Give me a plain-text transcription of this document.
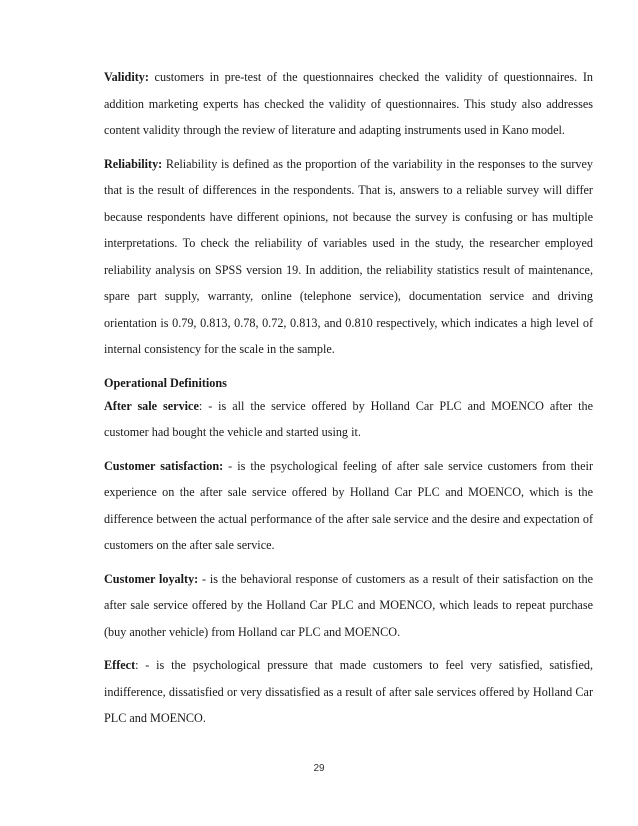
Validity: customers in pre-test of the questionnaires checked the validity of questionnaires. In addition marketing experts has checked the validity of questionnaires. This study also addresses content validity through the review of literature and adapting instruments used in Kano model.

Reliability: Reliability is defined as the proportion of the variability in the responses to the survey that is the result of differences in the respondents. That is, answers to a reliable survey will differ because respondents have different opinions, not because the survey is confusing or has multiple interpretations. To check the reliability of variables used in the study, the researcher employed reliability analysis on SPSS version 19. In addition, the reliability statistics result of maintenance, spare part supply, warranty, online (telephone service), documentation service and driving orientation is 0.79, 0.813, 0.78, 0.72, 0.813, and 0.810 respectively, which indicates a high level of internal consistency for the scale in the sample.

Operational Definitions

After sale service: - is all the service offered by Holland Car PLC and MOENCO after the customer had bought the vehicle and started using it.

Customer satisfaction: - is the psychological feeling of after sale service customers from their experience on the after sale service offered by Holland Car PLC and MOENCO, which is the difference between the actual performance of the after sale service and the desire and expectation of customers on the after sale service.

Customer loyalty: - is the behavioral response of customers as a result of their satisfaction on the after sale service offered by the Holland Car PLC and MOENCO, which leads to repeat purchase (buy another vehicle) from Holland car PLC and MOENCO.

Effect: - is the psychological pressure that made customers to feel very satisfied, satisfied, indifference, dissatisfied or very dissatisfied as a result of after sale services offered by Holland Car PLC and MOENCO.

29
